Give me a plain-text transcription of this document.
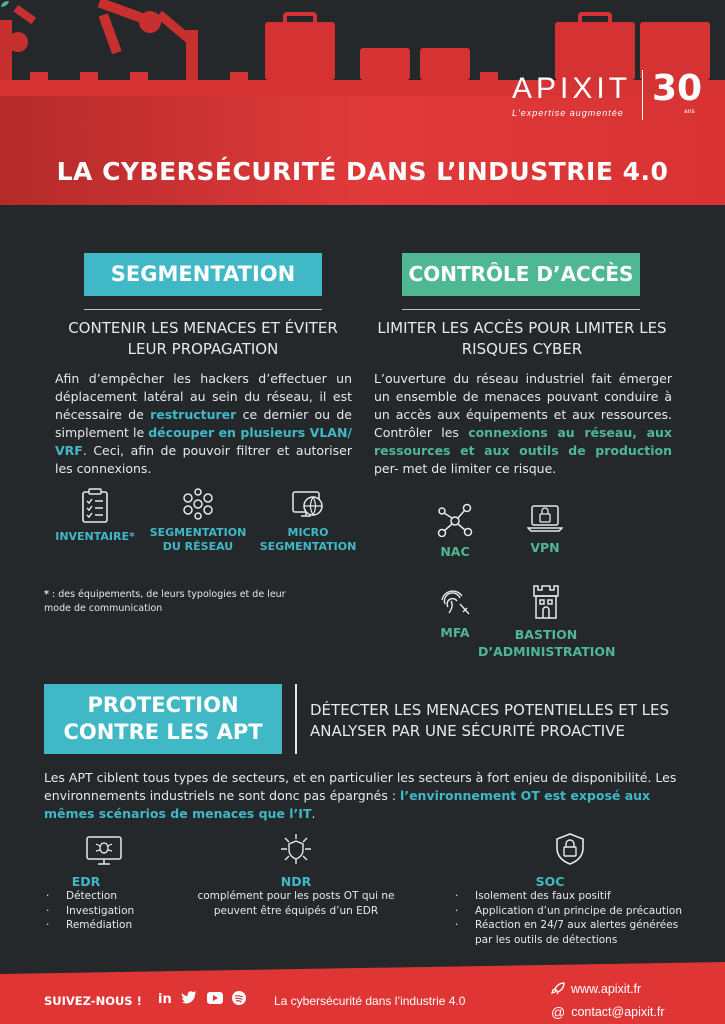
APIXIT
L'expertise augmentée
30
ans
LA CYBERSÉCURITÉ DANS L’INDUSTRIE 4.0
SEGMENTATION
CONTENIR LES MENACES ET ÉVITER LEUR PROPAGATION
Afin d’empêcher les hackers d’effectuer un déplacement latéral au sein du réseau, il est nécessaire de restructurer ce dernier ou de simplement le découper en plusieurs VLAN/ VRF. Ceci, afin de pouvoir filtrer et autoriser les connexions.
INVENTAIRE*	SEGMENTATION DU RÉSEAU
MICRO SEGMENTATION
* : des équipements, de leurs typologies et de leur mode de communication
CONTRÔLE D’ACCÈS
LIMITER LES ACCÈS POUR LIMITER LES RISQUES CYBER
L’ouverture du réseau industriel fait émerger un ensemble de menaces pouvant conduire à un accès aux équipements et aux ressources. Contrôler les connexions au réseau, aux ressources et aux outils de production per- met de limiter ce risque.
NAC	VPN
MFA	BASTION D’ADMINISTRATION
PROTECTION CONTRE LES APT
DÉTECTER LES MENACES POTENTIELLES ET LES ANALYSER PAR UNE SÉCURITÉ PROACTIVE
Les APT ciblent tous types de secteurs, et en particulier les secteurs à fort enjeu de disponibilité. Les environnements industriels ne sont donc pas épargnés : l’environnement OT est exposé aux mêmes scénarios de menaces que l’IT.
EDR
· Détection
· Investigation
· Remédiation
NDR
complément pour les posts OT qui ne peuvent être équipés d’un EDR
SOC
· Isolement des faux positif
· Application d’un principe de précaution
· Réaction en 24/7 aux alertes générées par les outils de détections
SUIVEZ-NOUS ! in	La cybersécurité dans l’industrie 4.0
www.apixit.fr
@ contact@apixit.fr
